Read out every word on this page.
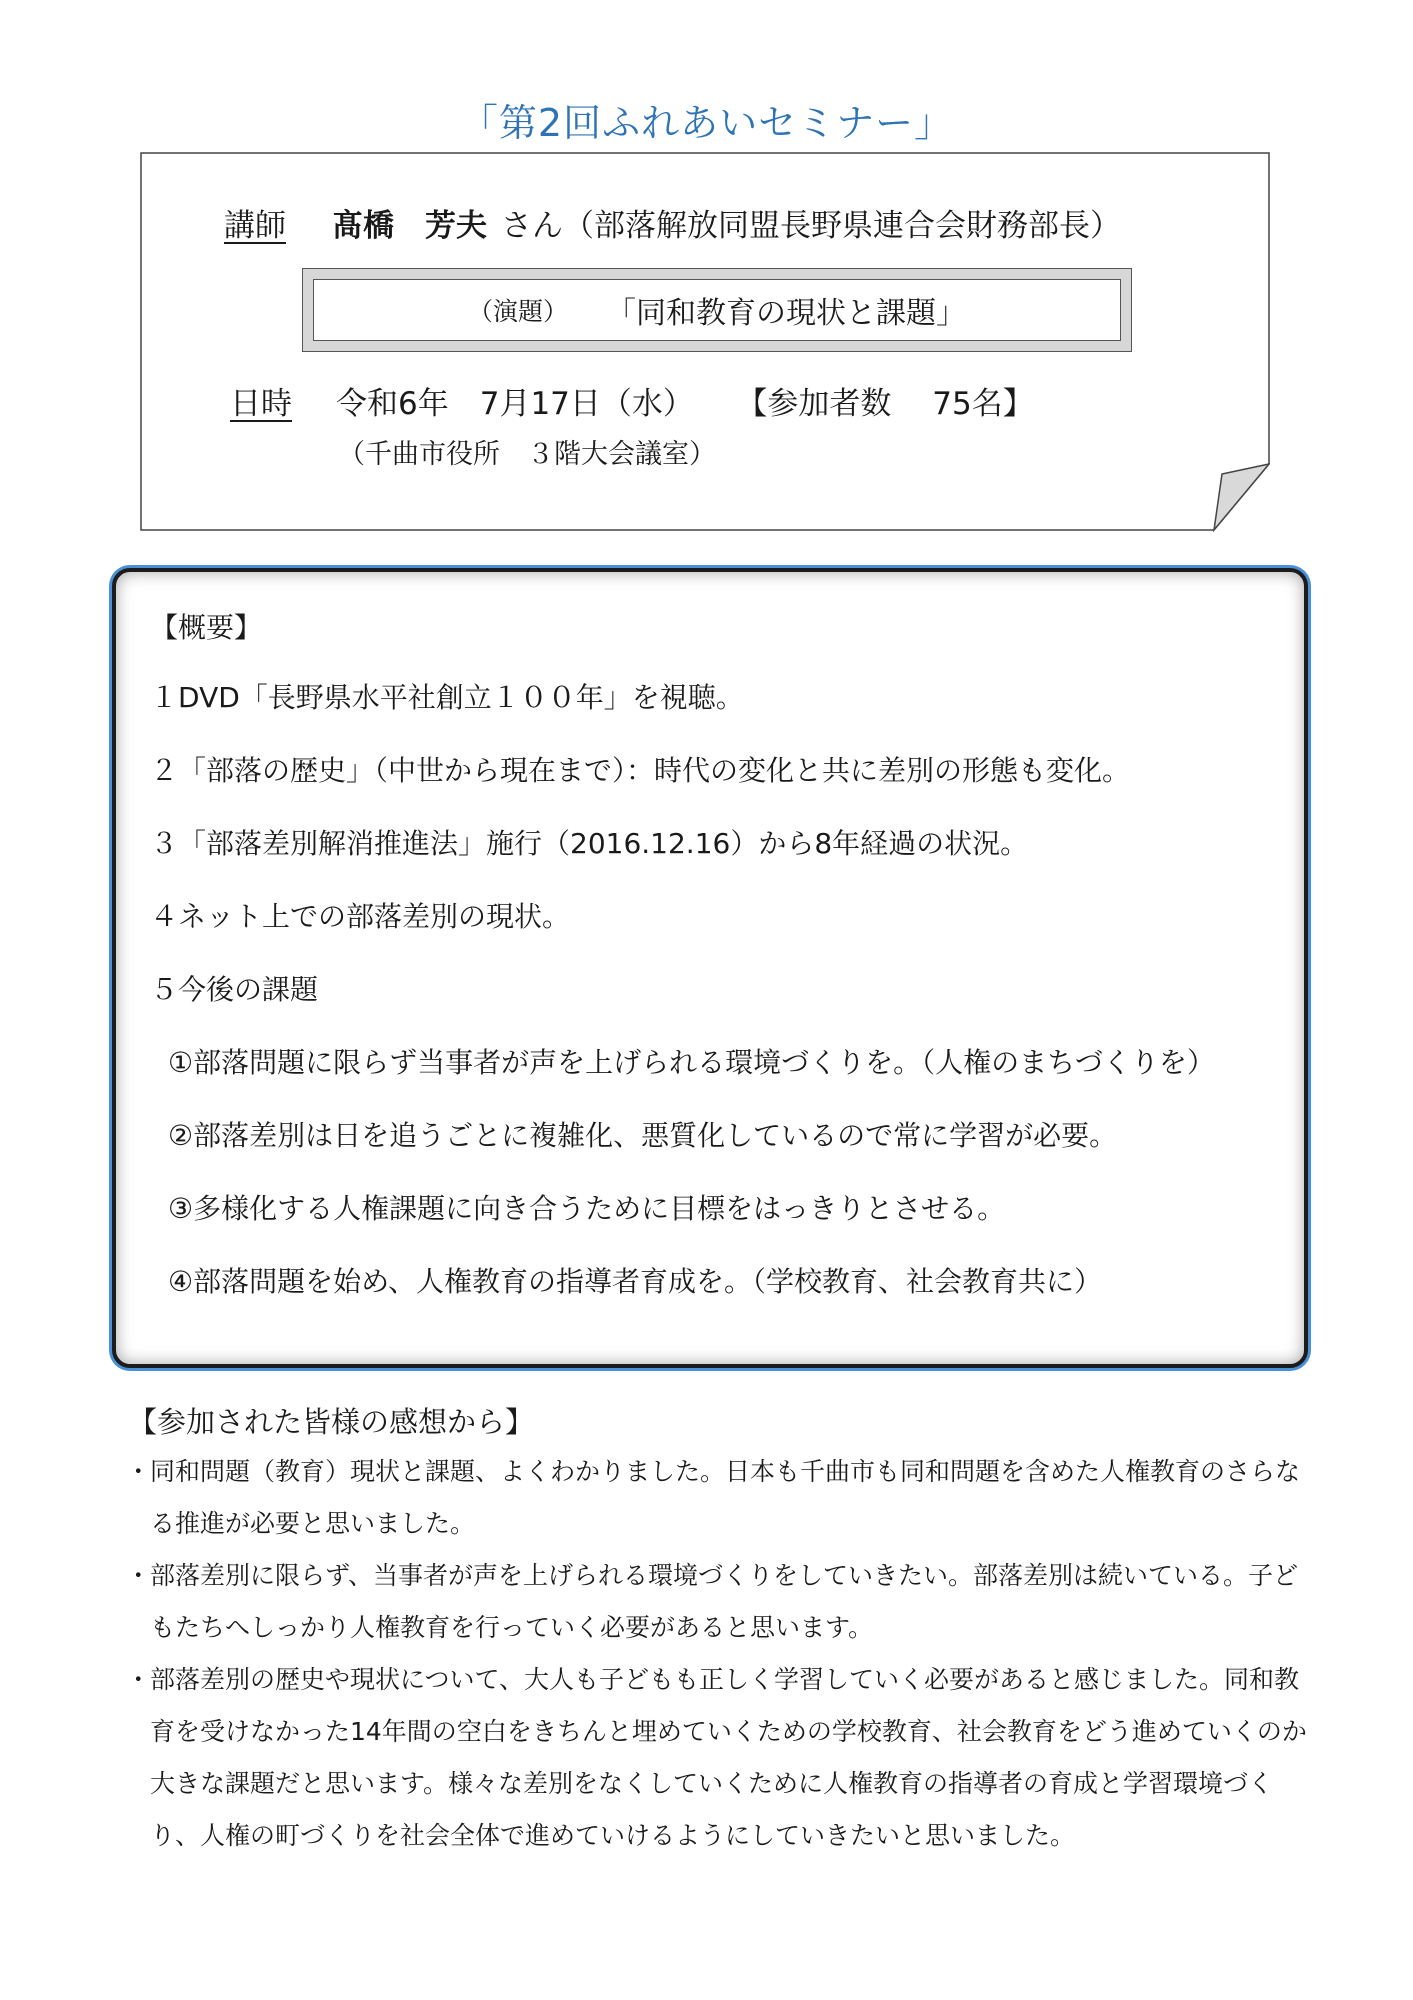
「第2回ふれあいセミナー」
講師 髙橋　芳夫 さん（部落解放同盟長野県連合会財務部長）
（演題） 「同和教育の現状と課題」
日時 令和6年　7月17日（水） 【参加者数　 75名】
（千曲市役所　３階大会議室）
【概要】
１DVD「長野県水平社創立１００年」を視聴。
２「部落の歴史」（中世から現在まで）：時代の変化と共に差別の形態も変化。
３「部落差別解消推進法」施行（2016.12.16）から8年経過の状況。
４ネット上での部落差別の現状。
５今後の課題
①部落問題に限らず当事者が声を上げられる環境づくりを。（人権のまちづくりを）
②部落差別は日を追うごとに複雑化、悪質化しているので常に学習が必要。
③多様化する人権課題に向き合うために目標をはっきりとさせる。
④部落問題を始め、人権教育の指導者育成を。（学校教育、社会教育共に）
【参加された皆様の感想から】
･ 同和問題（教育）現状と課題、よくわかりました。日本も千曲市も同和問題を含めた人権教育のさらなる推進が必要と思いました。
･ 部落差別に限らず、当事者が声を上げられる環境づくりをしていきたい。部落差別は続いている。子どもたちへしっかり人権教育を行っていく必要があると思います。
･ 部落差別の歴史や現状について、大人も子どもも正しく学習していく必要があると感じました。同和教育を受けなかった14年間の空白をきちんと埋めていくための学校教育、社会教育をどう進めていくのか大きな課題だと思います。様々な差別をなくしていくために人権教育の指導者の育成と学習環境づくり、人権の町づくりを社会全体で進めていけるようにしていきたいと思いました。
